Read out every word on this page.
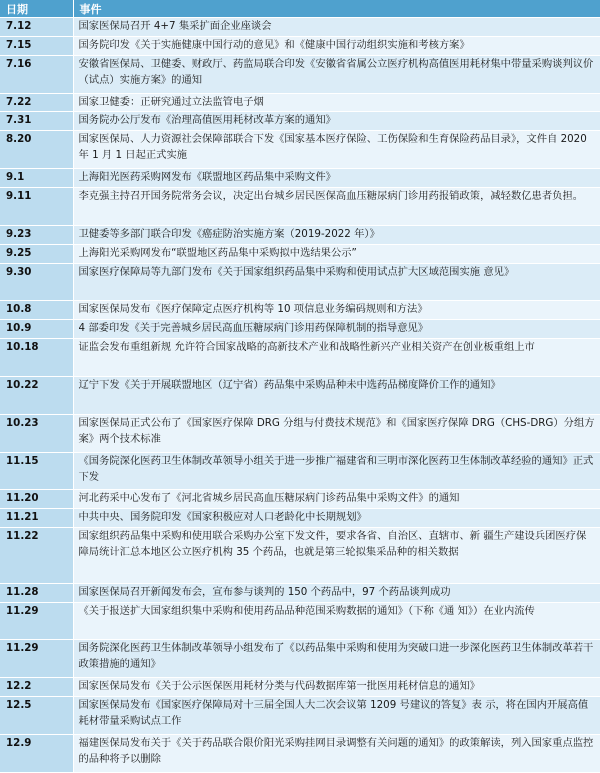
日期	事件
7.12	国家医保局召开 4+7 集采扩面企业座谈会
7.15	国务院印发《关于实施健康中国行动的意见》和《健康中国行动组织实施和考核方案》
7.16	安徽省医保局、卫健委、财政厅、药监局联合印发《安徽省省属公立医疗机构高值医用耗材集中带量采购谈判议价（试点）实施方案》的通知
7.22	国家卫健委：正研究通过立法监管电子烟
7.31	国务院办公厅发布《治理高值医用耗材改革方案的通知》
8.20	国家医保局、人力资源社会保障部联合下发《国家基本医疗保险、工伤保险和生育保险药品目录》，文件自 2020 年 1 月 1 日起正式实施
9.1	上海阳光医药采购网发布《联盟地区药品集中采购文件》
9.11	李克强主持召开国务院常务会议，决定出台城乡居民医保高血压糖尿病门诊用药报销政策，减轻数亿患者负担。
9.23	卫健委等多部门联合印发《癌症防治实施方案（2019-2022 年）》
9.25	上海阳光采购网发布“联盟地区药品集中采购拟中选结果公示”
9.30	国家医疗保障局等九部门发布《关于国家组织药品集中采购和使用试点扩大区域范围实施 意见》
10.8	国家医保局发布《医疗保障定点医疗机构等 10 项信息业务编码规则和方法》
10.9	4 部委印发《关于完善城乡居民高血压糖尿病门诊用药保障机制的指导意见》
10.18	证监会发布重组新规 允许符合国家战略的高新技术产业和战略性新兴产业相关资产在创业板重组上市
10.22	辽宁下发《关于开展联盟地区（辽宁省）药品集中采购品种未中选药品梯度降价工作的通知》
10.23	国家医保局正式公布了《国家医疗保障 DRG 分组与付费技术规范》和《国家医疗保障 DRG（CHS-DRG）分组方案》两个技术标准
11.15	《国务院深化医药卫生体制改革领导小组关于进一步推广福建省和三明市深化医药卫生体制改革经验的通知》正式下发
11.20	河北药采中心发布了《河北省城乡居民高血压糖尿病门诊药品集中采购文件》的通知
11.21	中共中央、国务院印发《国家积极应对人口老龄化中长期规划》
11.22	国家组织药品集中采购和使用联合采购办公室下发文件，要求各省、自治区、直辖市、新 疆生产建设兵团医疗保障局统计汇总本地区公立医疗机构 35 个药品，也就是第三轮拟集采品种的相关数据
11.28	国家医保局召开新闻发布会，宣布参与谈判的 150 个药品中，97 个药品谈判成功
11.29	《关于报送扩大国家组织集中采购和使用药品品种范围采购数据的通知》（下称《通 知》）在业内流传
11.29	国务院深化医药卫生体制改革领导小组发布了《以药品集中采购和使用为突破口进一步深化医药卫生体制改革若干政策措施的通知》
12.2	国家医保局发布《关于公示医保医用耗材分类与代码数据库第一批医用耗材信息的通知》
12.5	国家医保局发布《国家医疗保障局对十三届全国人大二次会议第 1209 号建议的答复》表 示，将在国内开展高值耗材带量采购试点工作
12.9	福建医保局发布关于《关于药品联合限价阳光采购挂网目录调整有关问题的通知》的政策解读，列入国家重点监控的品种将予以删除
